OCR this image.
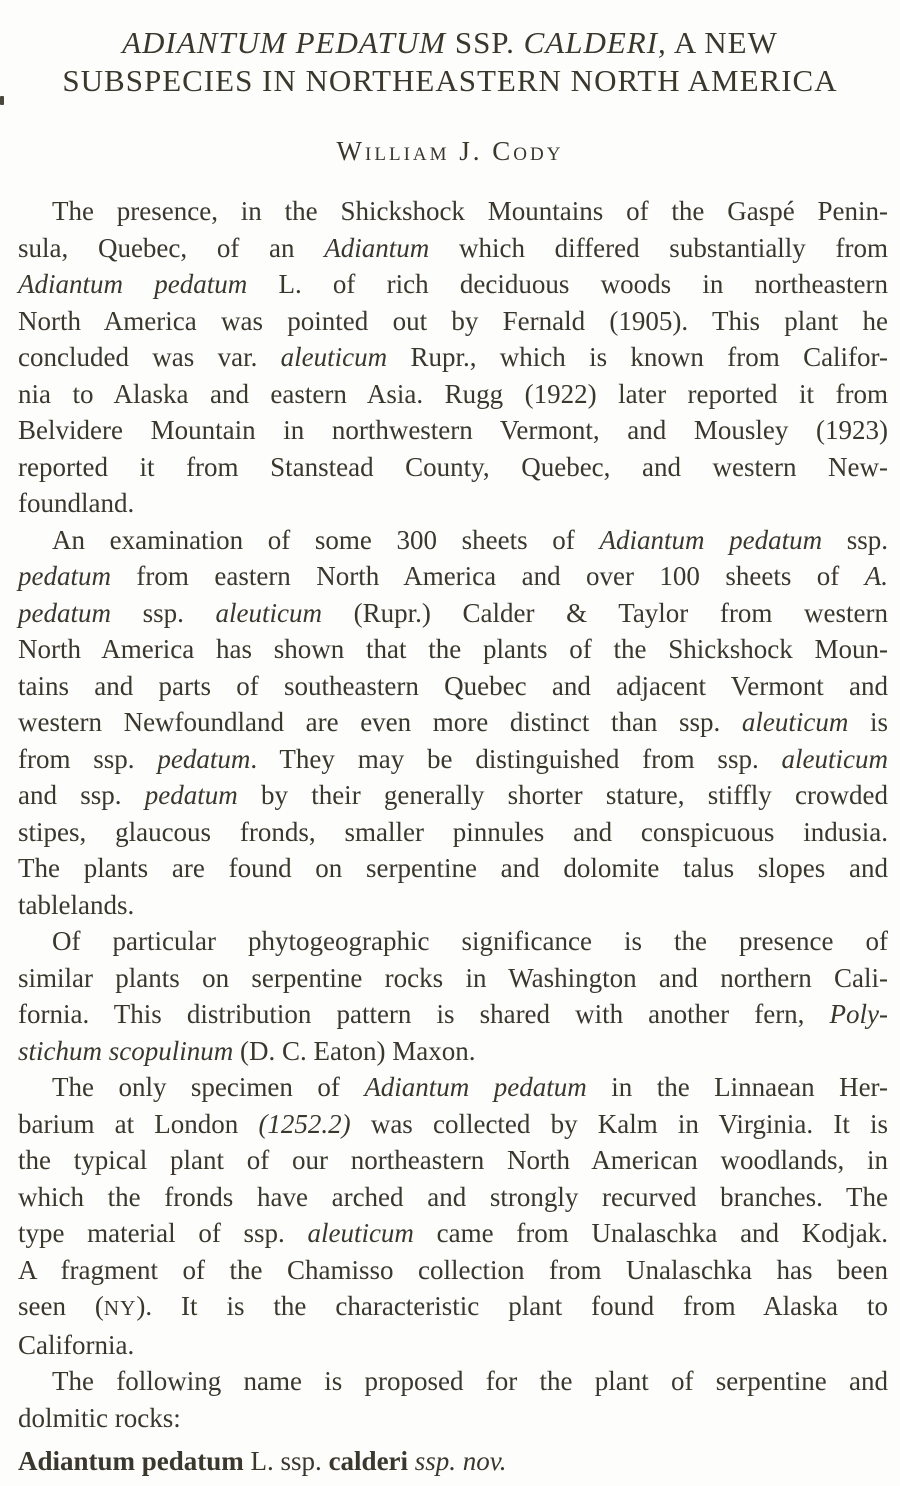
ADIANTUM PEDATUM SSP. CALDERI, A NEW
SUBSPECIES IN NORTHEASTERN NORTH AMERICA
William J. Cody
The presence, in the Shickshock Mountains of the Gaspé Penin-
sula, Quebec, of an Adiantum which differed substantially from
Adiantum pedatum L. of rich deciduous woods in northeastern
North America was pointed out by Fernald (1905). This plant he
concluded was var. aleuticum Rupr., which is known from Califor-
nia to Alaska and eastern Asia. Rugg (1922) later reported it from
Belvidere Mountain in northwestern Vermont, and Mousley (1923)
reported it from Stanstead County, Quebec, and western New-
foundland.
An examination of some 300 sheets of Adiantum pedatum ssp.
pedatum from eastern North America and over 100 sheets of A.
pedatum ssp. aleuticum (Rupr.) Calder & Taylor from western
North America has shown that the plants of the Shickshock Moun-
tains and parts of southeastern Quebec and adjacent Vermont and
western Newfoundland are even more distinct than ssp. aleuticum is
from ssp. pedatum. They may be distinguished from ssp. aleuticum
and ssp. pedatum by their generally shorter stature, stiffly crowded
stipes, glaucous fronds, smaller pinnules and conspicuous indusia.
The plants are found on serpentine and dolomite talus slopes and
tablelands.
Of particular phytogeographic significance is the presence of
similar plants on serpentine rocks in Washington and northern Cali-
fornia. This distribution pattern is shared with another fern, Poly-
stichum scopulinum (D. C. Eaton) Maxon.
The only specimen of Adiantum pedatum in the Linnaean Her-
barium at London (1252.2) was collected by Kalm in Virginia. It is
the typical plant of our northeastern North American woodlands, in
which the fronds have arched and strongly recurved branches. The
type material of ssp. aleuticum came from Unalaschka and Kodjak.
A fragment of the Chamisso collection from Unalaschka has been
seen (NY). It is the characteristic plant found from Alaska to
California.
The following name is proposed for the plant of serpentine and
dolmitic rocks:
Adiantum pedatum L. ssp. calderi ssp. nov.
